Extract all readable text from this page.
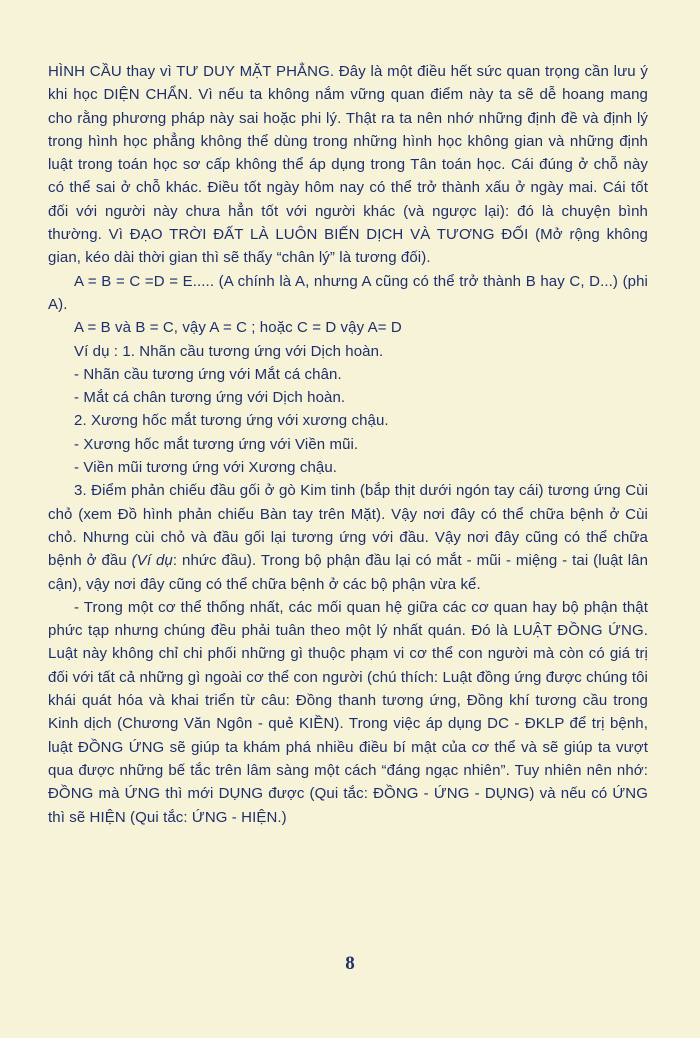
HÌNH CẦU thay vì TƯ DUY MẶT PHẲNG. Đây là một điều hết sức quan trọng cần lưu ý khi học DIỆN CHẨN. Vì nếu ta không nắm vững quan điểm này ta sẽ dễ hoang mang cho rằng phương pháp này sai hoặc phi lý. Thật ra ta nên nhớ những định đề và định lý trong hình học phẳng không thể dùng trong những hình học không gian và những định luật trong toán học sơ cấp không thể áp dụng trong Tân toán học. Cái đúng ở chỗ này có thể sai ở chỗ khác. Điều tốt ngày hôm nay có thể trở thành xấu ở ngày mai. Cái tốt đối với người này chưa hẳn tốt với người khác (và ngược lại): đó là chuyện bình thường. Vì ĐẠO TRỜI ĐẤT LÀ LUÔN BIẾN DỊCH VÀ TƯƠNG ĐỐI (Mở rộng không gian, kéo dài thời gian thì sẽ thấy “chân lý” là tương đối).

A = B = C =D = E..... (A chính là A, nhưng A cũng có thể trở thành B hay C, D...) (phi A).

A = B và B = C, vậy A = C ; hoặc C = D vậy A= D

Ví dụ : 1. Nhãn cầu tương ứng với Dịch hoàn.

- Nhãn cầu tương ứng với Mắt cá chân.

- Mắt cá chân tương ứng với Dịch hoàn.

2. Xương hốc mắt tương ứng với xương chậu.

- Xương hốc mắt tương ứng với Viền mũi.

- Viền mũi tương ứng với Xương chậu.

3. Điểm phản chiếu đầu gối ở gò Kim tinh (bắp thịt dưới ngón tay cái) tương ứng Cùi chỏ (xem Đồ hình phản chiếu Bàn tay trên Mặt). Vậy nơi đây có thể chữa bệnh ở Cùi chỏ. Nhưng cùi chỏ và đầu gối lại tương ứng với đầu. Vậy nơi đây cũng có thể chữa bệnh ở đầu (Ví dụ: nhức đầu). Trong bộ phận đầu lại có mắt - mũi - miệng - tai (luật lân cận), vậy nơi đây cũng có thể chữa bệnh ở các bộ phận vừa kể.

- Trong một cơ thể thống nhất, các mối quan hệ giữa các cơ quan hay bộ phận thật phức tạp nhưng chúng đều phải tuân theo một lý nhất quán. Đó là LUẬT ĐỒNG ỨNG. Luật này không chỉ chi phối những gì thuộc phạm vi cơ thể con người mà còn có giá trị đối với tất cả những gì ngoài cơ thể con người (chú thích: Luật đồng ứng được chúng tôi khái quát hóa và khai triển từ câu: Đồng thanh tương ứng, Đồng khí tương cầu trong Kinh dịch (Chương Văn Ngôn - quẻ KIỀN). Trong việc áp dụng DC - ĐKLP để trị bệnh, luật ĐỒNG ỨNG sẽ giúp ta khám phá nhiều điều bí mật của cơ thể và sẽ giúp ta vượt qua được những bế tắc trên lâm sàng một cách “đáng ngạc nhiên”. Tuy nhiên nên nhớ: ĐỒNG mà ỨNG thì mới DỤNG được (Qui tắc: ĐỒNG - ỨNG - DỤNG) và nếu có ỨNG thì sẽ HIỆN (Qui tắc: ỨNG - HIỆN.)

8
